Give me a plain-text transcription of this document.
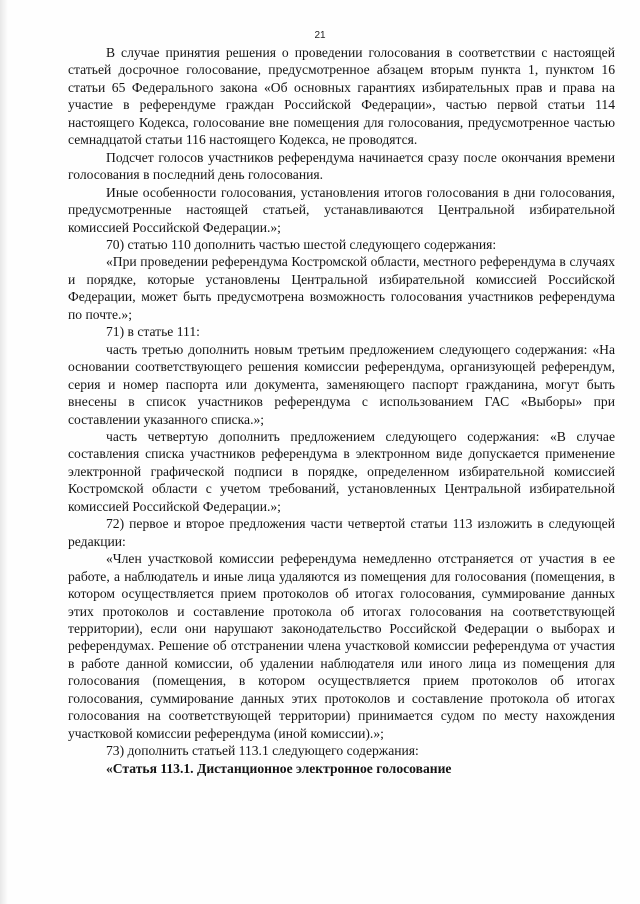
21

В случае принятия решения о проведении голосования в соответствии с настоящей статьей досрочное голосование, предусмотренное абзацем вторым пункта 1, пунктом 16 статьи 65 Федерального закона «Об основных гарантиях избирательных прав и права на участие в референдуме граждан Российской Федерации», частью первой статьи 114 настоящего Кодекса, голосование вне помещения для голосования, предусмотренное частью семнадцатой статьи 116 настоящего Кодекса, не проводятся.

Подсчет голосов участников референдума начинается сразу после окончания времени голосования в последний день голосования.

Иные особенности голосования, установления итогов голосования в дни голосования, предусмотренные настоящей статьей, устанавливаются Центральной избирательной комиссией Российской Федерации.»;

70) статью 110 дополнить частью шестой следующего содержания:

«При проведении референдума Костромской области, местного референдума в случаях и порядке, которые установлены Центральной избирательной комиссией Российской Федерации, может быть предусмотрена возможность голосования участников референдума по почте.»;

71) в статье 111:

часть третью дополнить новым третьим предложением следующего содержания: «На основании соответствующего решения комиссии референдума, организующей референдум, серия и номер паспорта или документа, заменяющего паспорт гражданина, могут быть внесены в список участников референдума с использованием ГАС «Выборы» при составлении указанного списка.»;

часть четвертую дополнить предложением следующего содержания: «В случае составления списка участников референдума в электронном виде допускается применение электронной графической подписи в порядке, определенном избирательной комиссией Костромской области с учетом требований, установленных Центральной избирательной комиссией Российской Федерации.»;

72) первое и второе предложения части четвертой статьи 113 изложить в следующей редакции:

«Член участковой комиссии референдума немедленно отстраняется от участия в ее работе, а наблюдатель и иные лица удаляются из помещения для голосования (помещения, в котором осуществляется прием протоколов об итогах голосования, суммирование данных этих протоколов и составление протокола об итогах голосования на соответствующей территории), если они нарушают законодательство Российской Федерации о выборах и референдумах. Решение об отстранении члена участковой комиссии референдума от участия в работе данной комиссии, об удалении наблюдателя или иного лица из помещения для голосования (помещения, в котором осуществляется прием протоколов об итогах голосования, суммирование данных этих протоколов и составление протокола об итогах голосования на соответствующей территории) принимается судом по месту нахождения участковой комиссии референдума (иной комиссии).»;

73) дополнить статьей 113.1 следующего содержания:

«Статья 113.1. Дистанционное электронное голосование
